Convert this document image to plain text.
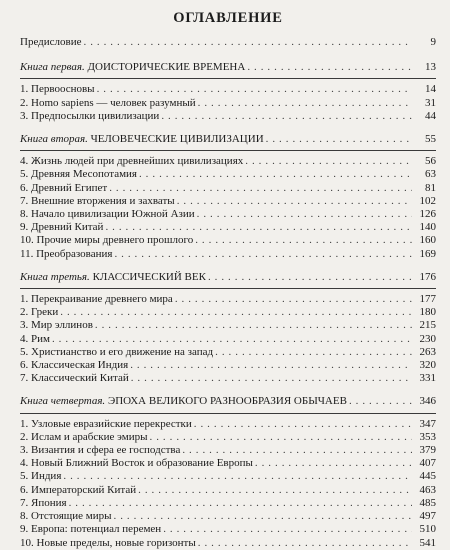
ОГЛАВЛЕНИЕ
Предисловие . . .	9
Книга первая. ДОИСТОРИЧЕСКИЕ ВРЕМЕНА . . .	13
1. Первоосновы . . .	14
2. Homo sapiens — человек разумный . . .	31
3. Предпосылки цивилизации . . .	44
Книга вторая. ЧЕЛОВЕЧЕСКИЕ ЦИВИЛИЗАЦИИ . . .	55
4. Жизнь людей при древнейших цивилизациях . . .	56
5. Древняя Месопотамия . . .	63
6. Древний Египет . . .	81
7. Внешние вторжения и захваты . . .	102
8. Начало цивилизации Южной Азии . . .	126
9. Древний Китай . . .	140
10. Прочие миры древнего прошлого . . .	160
11. Преобразования . . .	169
Книга третья. КЛАССИЧЕСКИЙ ВЕК . . .	176
1. Перекраивание древнего мира . . .	177
2. Греки . . .	180
3. Мир эллинов . . .	215
4. Рим . . .	230
5. Христианство и его движение на запад . . .	263
6. Классическая Индия . . .	320
7. Классический Китай . . .	331
Книга четвертая. ЭПОХА ВЕЛИКОГО РАЗНООБРАЗИЯ ОБЫЧАЕВ . . .	346
1. Узловые евразийские перекрестки . . .	347
2. Ислам и арабские эмиры . . .	353
3. Византия и сфера ее господства . . .	379
4. Новый Ближний Восток и образование Европы . . .	407
5. Индия . . .	445
6. Императорский Китай . . .	463
7. Япония . . .	485
8. Отстоящие миры . . .	497
9. Европа: потенциал перемен . . .	510
10. Новые пределы, новые горизонты . . .	541
